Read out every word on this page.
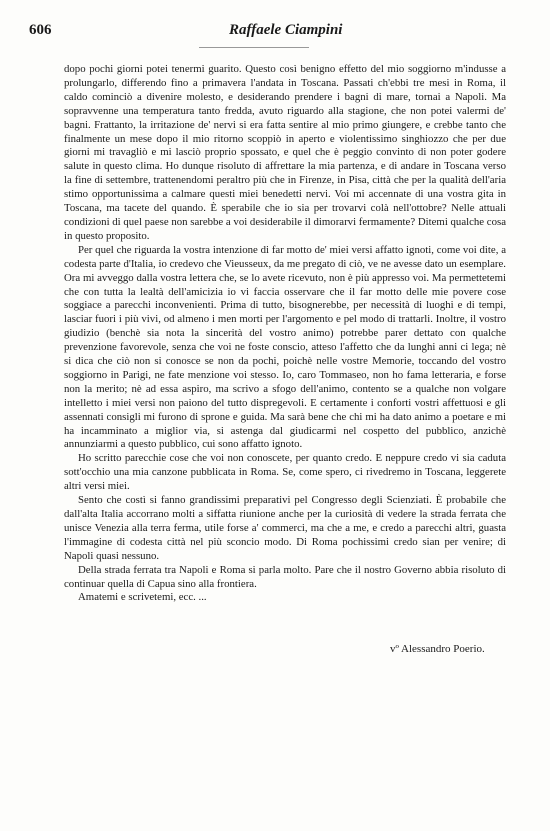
606	Raffaele Ciampini

dopo pochi giorni potei tenermi guarito. Questo così benigno effetto del mio soggiorno m'indusse a prolungarlo, differendo fino a primavera l'andata in Toscana. Passati ch'ebbi tre mesi in Roma, il caldo cominciò a divenire molesto, e desiderando prendere i bagni di mare, tornai a Napoli. Ma sopravvenne una temperatura tanto fredda, avuto riguardo alla stagione, che non potei valermi de' bagni. Frattanto, la irritazione de' nervi si era fatta sentire al mio primo giungere, e crebbe tanto che finalmente un mese dopo il mio ritorno scoppiò in aperto e violentissimo singhiozzo che per due giorni mi travagliò e mi lasciò proprio spossato, e quel che è peggio convinto di non poter godere salute in questo clima. Ho dunque risoluto di affrettare la mia partenza, e di andare in Toscana verso la fine di settembre, trattenendomi peraltro più che in Firenze, in Pisa, città che per la qualità dell'aria stimo opportunissima a calmare questi miei benedetti nervi. Voi mi accennate di una vostra gita in Toscana, ma tacete del quando. È sperabile che io sia per trovarvi colà nell'ottobre? Nelle attuali condizioni di quel paese non sarebbe a voi desiderabile il dimorarvi fermamente? Ditemi qualche cosa in questo proposito.

Per quel che riguarda la vostra intenzione di far motto de' miei versi affatto ignoti, come voi dite, a codesta parte d'Italia, io credevo che Vieusseux, da me pregato di ciò, ve ne avesse dato un esemplare. Ora mi avveggo dalla vostra lettera che, se lo avete ricevuto, non è più appresso voi. Ma permettetemi che con tutta la lealtà dell'amicizia io vi faccia osservare che il far motto delle mie povere cose soggiace a parecchi inconvenienti. Prima di tutto, bisognerebbe, per necessità di luoghi e di tempi, lasciar fuori i più vivi, od almeno i men morti per l'argomento e pel modo di trattarli. Inoltre, il vostro giudizio (benchè sia nota la sincerità del vostro animo) potrebbe parer dettato con qualche prevenzione favorevole, senza che voi ne foste conscio, atteso l'affetto che da lunghi anni ci lega; nè si dica che ciò non si conosce se non da pochi, poichè nelle vostre Memorie, toccando del vostro soggiorno in Parigi, ne fate menzione voi stesso. Io, caro Tommaseo, non ho fama letteraria, e forse non la merito; nè ad essa aspiro, ma scrivo a sfogo dell'animo, contento se a qualche non volgare intelletto i miei versi non paiono del tutto dispregevoli. E certamente i conforti vostri affettuosi e gli assennati consigli mi furono di sprone e guida. Ma sarà bene che chi mi ha dato animo a poetare e mi ha incamminato a miglior via, si astenga dal giudicarmi nel cospetto del pubblico, anzichè annunziarmi a questo pubblico, cui sono affatto ignoto.

Ho scritto parecchie cose che voi non conoscete, per quanto credo. E neppure credo vi sia caduta sott'occhio una mia canzone pubblicata in Roma. Se, come spero, ci rivedremo in Toscana, leggerete altri versi miei.

Sento che costì si fanno grandissimi preparativi pel Congresso degli Scienziati. È probabile che dall'alta Italia accorrano molti a siffatta riunione anche per la curiosità di vedere la strada ferrata che unisce Venezia alla terra ferma, utile forse a' commerci, ma che a me, e credo a parecchi altri, guasta l'immagine di codesta città nel più sconcio modo. Di Roma pochissimi credo sian per venire; di Napoli quasi nessuno.

Della strada ferrata tra Napoli e Roma si parla molto. Pare che il nostro Governo abbia risoluto di continuar quella di Capua sino alla frontiera.

Amatemi e scrivetemi, ecc. ...

vº Alessandro Poerio.
